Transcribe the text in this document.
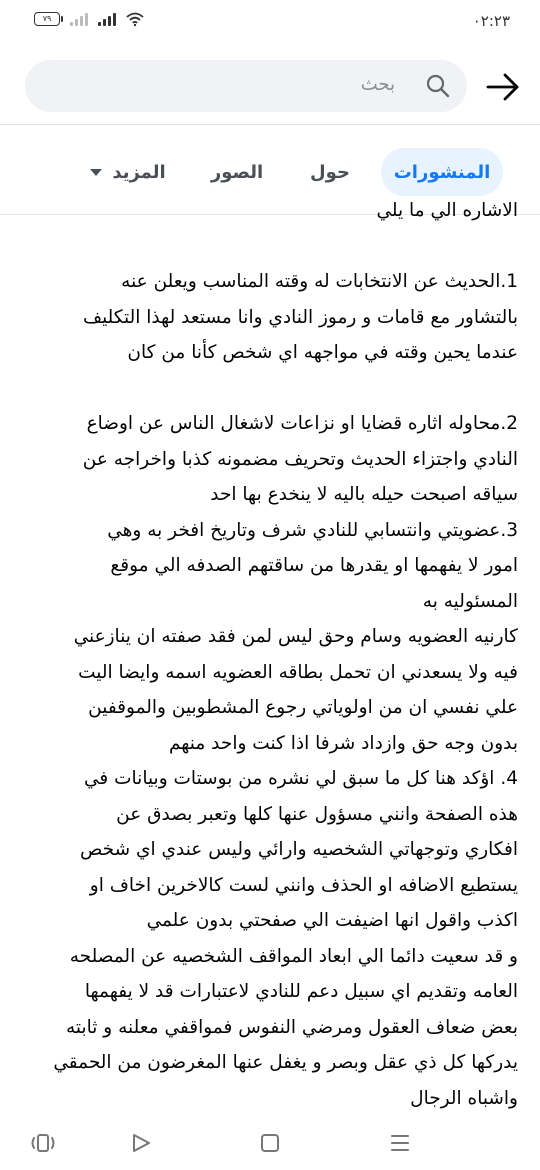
٧٩	٠٢:٢٣
بحث
المنشورات
حول
الصور
المزيد
الاشاره الي ما يلي
1.الحديث عن الانتخابات له وقته المناسب ويعلن عنه
بالتشاور مع قامات و رموز النادي وانا مستعد لهذا التكليف
عندما يحين وقته في مواجهه اي شخص كأنا من كان
2.محاوله اثاره قضايا او نزاعات لاشغال الناس عن اوضاع
النادي واجتزاء الحديث وتحريف مضمونه كذبا واخراجه عن
سياقه اصبحت حيله باليه لا ينخدع بها احد
3.عضويتي وانتسابي للنادي شرف وتاريخ افخر به وهي
امور لا يفهمها او يقدرها من ساقتهم الصدفه الي موقع
المسئوليه به
كارنيه العضويه وسام وحق ليس لمن فقد صفته ان ينازعني
فيه ولا يسعدني ان تحمل بطاقه العضويه اسمه وايضا اليت
علي نفسي ان من اولوياتي رجوع المشطوبين والموقفين
بدون وجه حق وازداد شرفا اذا كنت واحد منهم
4. اؤكد هنا كل ما سبق لي نشره من بوستات وبيانات في
هذه الصفحة وانني مسؤول عنها كلها وتعبر بصدق عن
افكاري وتوجهاتي الشخصيه وارائي وليس عندي اي شخص
يستطيع الاضافه او الحذف وانني لست كالاخرين اخاف او
اكذب واقول انها اضيفت الي صفحتي بدون علمي
و قد سعيت دائما الي ابعاد المواقف الشخصيه عن المصلحه
العامه وتقديم اي سبيل دعم للنادي لاعتبارات قد لا يفهمها
بعض ضعاف العقول ومرضي النفوس فمواقفي معلنه و ثابته
يدركها كل ذي عقل وبصر و يغفل عنها المغرضون من الحمقي
واشباه الرجال
